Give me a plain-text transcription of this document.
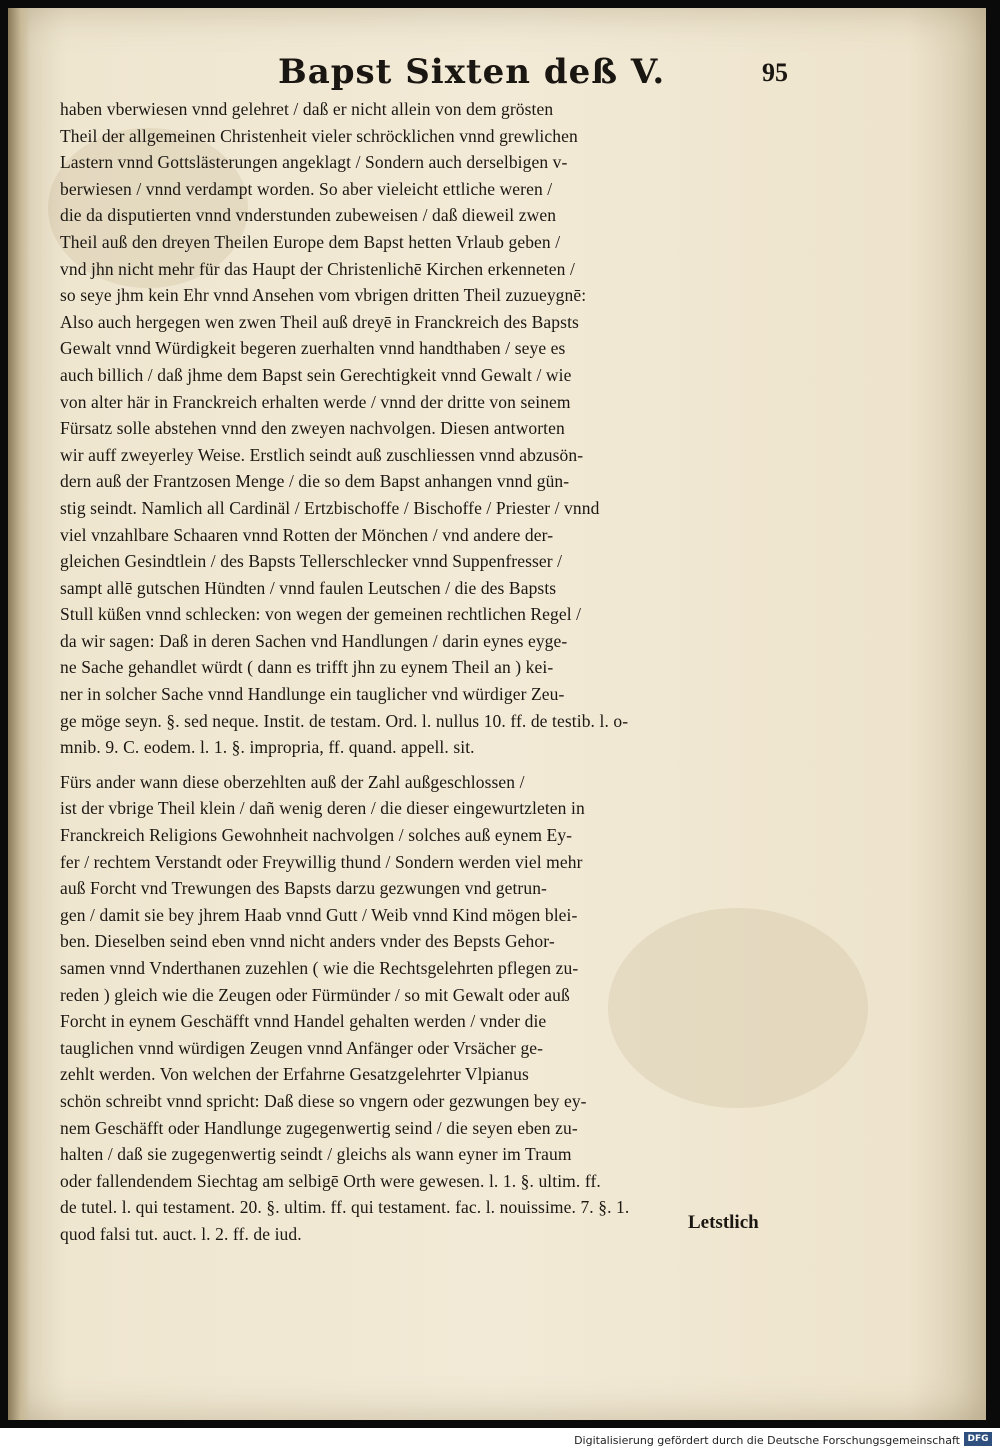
Bapst Sixten deß V.	95
haben vberwiesen vnnd gelehret / daß er nicht allein von dem grösten
Theil der allgemeinen Christenheit vieler schröcklichen vnnd grewlichen
Lastern vnnd Gottslästerungen angeklagt / Sondern auch derselbigen v-
berwiesen / vnnd verdampt worden. So aber vieleicht ettliche weren /
die da disputierten vnnd vnderstunden zubeweisen / daß dieweil zwen
Theil auß den dreyen Theilen Europe dem Bapst hetten Vrlaub geben /
vnd jhn nicht mehr für das Haupt der Christenlichē Kirchen erkenneten /
so seye jhm kein Ehr vnnd Ansehen vom vbrigen dritten Theil zuzueygnē:
Also auch hergegen wen zwen Theil auß dreyē in Franckreich des Bapsts
Gewalt vnnd Würdigkeit begeren zuerhalten vnnd handthaben / seye es
auch billich / daß jhme dem Bapst sein Gerechtigkeit vnnd Gewalt / wie
von alter här in Franckreich erhalten werde / vnnd der dritte von seinem
Fürsatz solle abstehen vnnd den zweyen nachvolgen. Diesen antworten
wir auff zweyerley Weise. Erstlich seindt auß zuschliessen vnnd abzusön-
dern auß der Frantzosen Menge / die so dem Bapst anhangen vnnd gün-
stig seindt. Namlich all Cardinäl / Ertzbischoffe / Bischoffe / Priester / vnnd
viel vnzahlbare Schaaren vnnd Rotten der Mönchen / vnd andere der-
gleichen Gesindtlein / des Bapsts Tellerschlecker vnnd Suppenfresser /
sampt allē gutschen Hündten / vnnd faulen Leutschen / die des Bapsts
Stull küßen vnnd schlecken: von wegen der gemeinen rechtlichen Regel /
da wir sagen: Daß in deren Sachen vnd Handlungen / darin eynes eyge-
ne Sache gehandlet würdt ( dann es trifft jhn zu eynem Theil an ) kei-
ner in solcher Sache vnnd Handlunge ein tauglicher vnd würdiger Zeu-
ge möge seyn. §. sed neque. Instit. de testam. Ord. l. nullus 10. ff. de testib. l. o-
mnib. 9. C. eodem. l. 1. §. impropria, ff. quand. appell. sit.
Fürs ander wann diese oberzehlten auß der Zahl außgeschlossen /
ist der vbrige Theil klein / dañ wenig deren / die dieser eingewurtzleten in
Franckreich Religions Gewohnheit nachvolgen / solches auß eynem Ey-
fer / rechtem Verstandt oder Freywillig thund / Sondern werden viel mehr
auß Forcht vnd Trewungen des Bapsts darzu gezwungen vnd getrun-
gen / damit sie bey jhrem Haab vnnd Gutt / Weib vnnd Kind mögen blei-
ben. Dieselben seind eben vnnd nicht anders vnder des Bepsts Gehor-
samen vnnd Vnderthanen zuzehlen ( wie die Rechtsgelehrten pflegen zu-
reden ) gleich wie die Zeugen oder Fürmünder / so mit Gewalt oder auß
Forcht in eynem Geschäfft vnnd Handel gehalten werden / vnder die
tauglichen vnnd würdigen Zeugen vnnd Anfänger oder Vrsächer ge-
zehlt werden. Von welchen der Erfahrne Gesatzgelehrter Vlpianus
schön schreibt vnnd spricht: Daß diese so vngern oder gezwungen bey ey-
nem Geschäfft oder Handlunge zugegenwertig seind / die seyen eben zu-
halten / daß sie zugegenwertig seindt / gleichs als wann eyner im Traum
oder fallendendem Siechtag am selbigē Orth were gewesen. l. 1. §. ultim. ff.
de tutel. l. qui testament. 20. §. ultim. ff. qui testament. fac. l. nouissime. 7. §. 1.
quod falsi tut. auct. l. 2. ff. de iud.
Letstlich
Digitalisierung gefördert durch die Deutsche Forschungsgemeinschaft DFG
